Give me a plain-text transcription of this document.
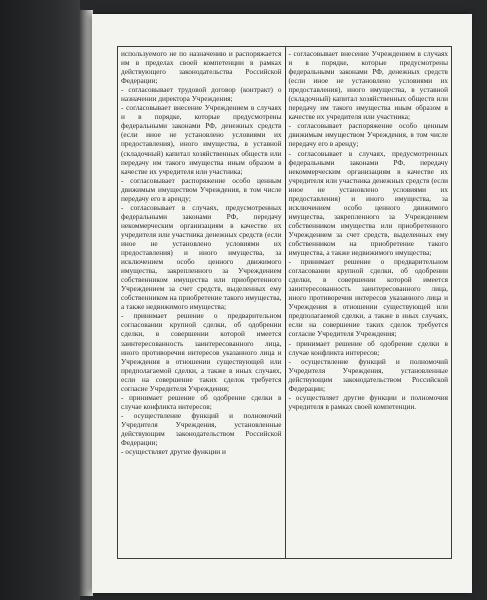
используемого не по назначению и распоряжается им в пределах своей компетенции в рамках действующего законодательства Российской Федерации;

- согласовывает трудовой договор (контракт) о назначении директора Учреждения;

- согласовывает внесение Учреждением в случаях и в порядке, которые предусмотрены федеральными законами РФ, денежных средств (если иное не установлено условиями их предоставления), иного имущества, в уставной (складочный) капитал хозяйственных обществ или передачу им такого имущества иным образом в качестве их учредителя или участника;

- согласовывает распоряжение особо ценным движимым имуществом Учреждения, в том числе передачу его в аренду;

- согласовывает в случаях, предусмотренных федеральными законами РФ, передачу некоммерческим организациям в качестве их учредителя или участника денежных средств (если иное не установлено условиями их предоставления) и иного имущества, за исключением особо ценного движимого имущества, закрепленного за Учреждением собственником имущества или приобретенного Учреждением за счет средств, выделенных ему собственником на приобретение такого имущества, а также недвижимого имущества;

- принимает решение о предварительном согласовании крупной сделки, об одобрении сделки, в совершении которой имеется заинтересованность заинтересованного лица, иного противоречия интересов указанного лица и Учреждения в отношении существующей или предполагаемой сделки, а также в иных случаях, если на совершение таких сделок требуется согласие Учредителя Учреждения;

- принимает решение об одобрение сделки в случае конфликта интересов;

- осуществление функций и полномочий Учредителя Учреждения, установленные действующим законодательством Российской Федерации;

- осуществляет другие функции и

- согласовывает внесение Учреждением в случаях и в порядке, которые предусмотрены федеральными законами РФ, денежных средств (если иное не установлено условиями их предоставления), иного имущества, в уставной (складочный) капитал хозяйственных обществ или передачу им такого имущества иным образом в качестве их учредителя или участника;

- согласовывает распоряжение особо ценным движимым имуществом Учреждения, в том числе передачу его в аренду;

- согласовывает в случаях, предусмотренных федеральными законами РФ, передачу некоммерческим организациям в качестве их учредителя или участника денежных средств (если иное не установлено условиями их предоставления) и иного имущества, за исключением особо ценного движимого имущества, закрепленного за Учреждением собственником имущества или приобретенного Учреждением за счет средств, выделенных ему собственником на приобретение такого имущества, а также недвижимого имущества;

- принимает решение о предварительном согласовании крупной сделки, об одобрении сделки, в совершении которой имеется заинтересованность заинтересованного лица, иного противоречия интересов указанного лица и Учреждения в отношении существующей или предполагаемой сделки, а также в иных случаях, если на совершение таких сделок требуется согласие Учредителя Учреждения;

- принимает решение об одобрение сделки в случае конфликта интересов;

- осуществление функций и полномочий Учредителя Учреждения, установленные действующим законодательством Российской Федерации;

- осуществляет другие функции и полномочия учредителя в рамках своей компетенции.
